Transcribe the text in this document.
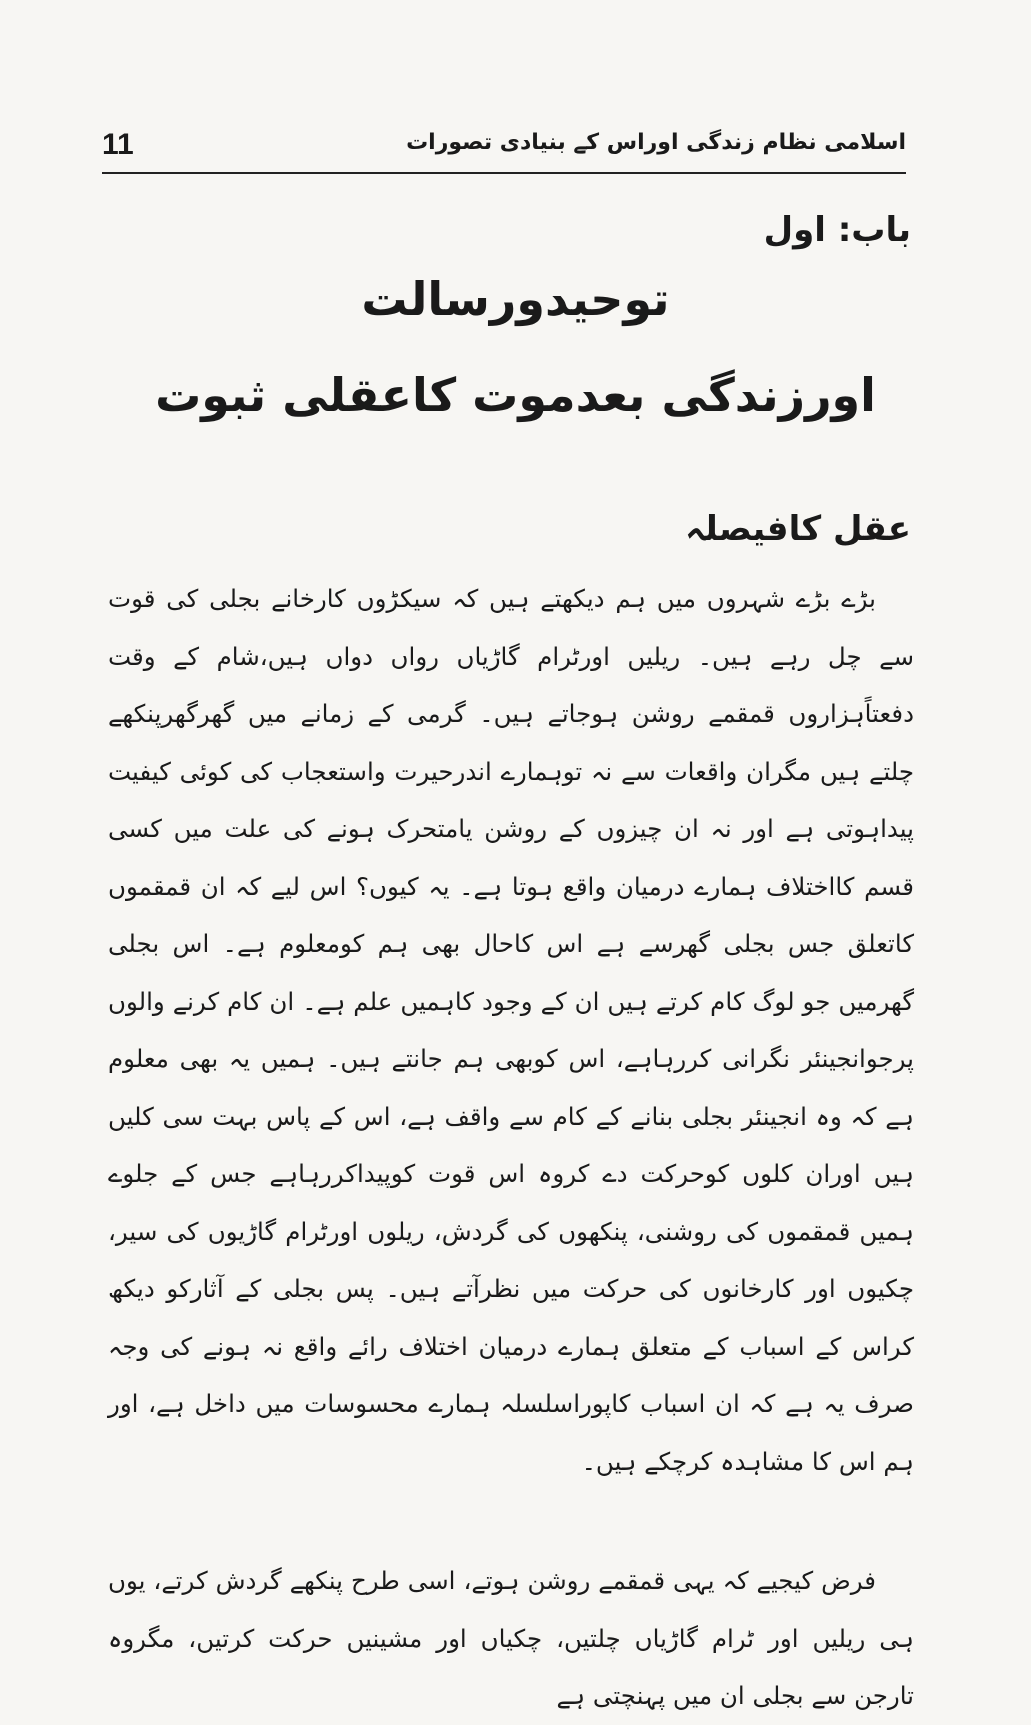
11	اسلامی نظام زندگی اوراس کے بنیادی تصورات
باب: اول
توحیدورسالت
اورزندگی بعدموت کاعقلی ثبوت
عقل کافیصلہ

بڑے بڑے شہروں میں ہم دیکھتے ہیں کہ سیکڑوں کارخانے بجلی کی قوت سے چل رہے ہیں۔ ریلیں اورٹرام گاڑیاں رواں دواں ہیں،شام کے وقت دفعتاًہزاروں قمقمے روشن ہوجاتے ہیں۔ گرمی کے زمانے میں گھرگھرپنکھے چلتے ہیں مگران واقعات سے نہ توہمارے اندرحیرت واستعجاب کی کوئی کیفیت پیداہوتی ہے اور نہ ان چیزوں کے روشن یامتحرک ہونے کی علت میں کسی قسم کااختلاف ہمارے درمیان واقع ہوتا ہے۔ یہ کیوں؟ اس لیے کہ ان قمقموں کاتعلق جس بجلی گھرسے ہے اس کاحال بھی ہم کومعلوم ہے۔ اس بجلی گھرمیں جو لوگ کام کرتے ہیں ان کے وجود کاہمیں علم ہے۔ ان کام کرنے والوں پرجوانجینئر نگرانی کررہاہے، اس کوبھی ہم جانتے ہیں۔ ہمیں یہ بھی معلوم ہے کہ وہ انجینئر بجلی بنانے کے کام سے واقف ہے، اس کے پاس بہت سی کلیں ہیں اوران کلوں کوحرکت دے کروہ اس قوت کوپیداکررہاہے جس کے جلوے ہمیں قمقموں کی روشنی، پنکھوں کی گردش، ریلوں اورٹرام گاڑیوں کی سیر، چکیوں اور کارخانوں کی حرکت میں نظرآتے ہیں۔ پس بجلی کے آثارکو دیکھ کراس کے اسباب کے متعلق ہمارے درمیان اختلاف رائے واقع نہ ہونے کی وجہ صرف یہ ہے کہ ان اسباب کاپوراسلسلہ ہمارے محسوسات میں داخل ہے، اور ہم اس کا مشاہدہ کرچکے ہیں۔

فرض کیجیے کہ یہی قمقمے روشن ہوتے، اسی طرح پنکھے گردش کرتے، یوں ہی ریلیں اور ٹرام گاڑیاں چلتیں، چکیاں اور مشینیں حرکت کرتیں، مگروہ تارجن سے بجلی ان میں پہنچتی ہے
